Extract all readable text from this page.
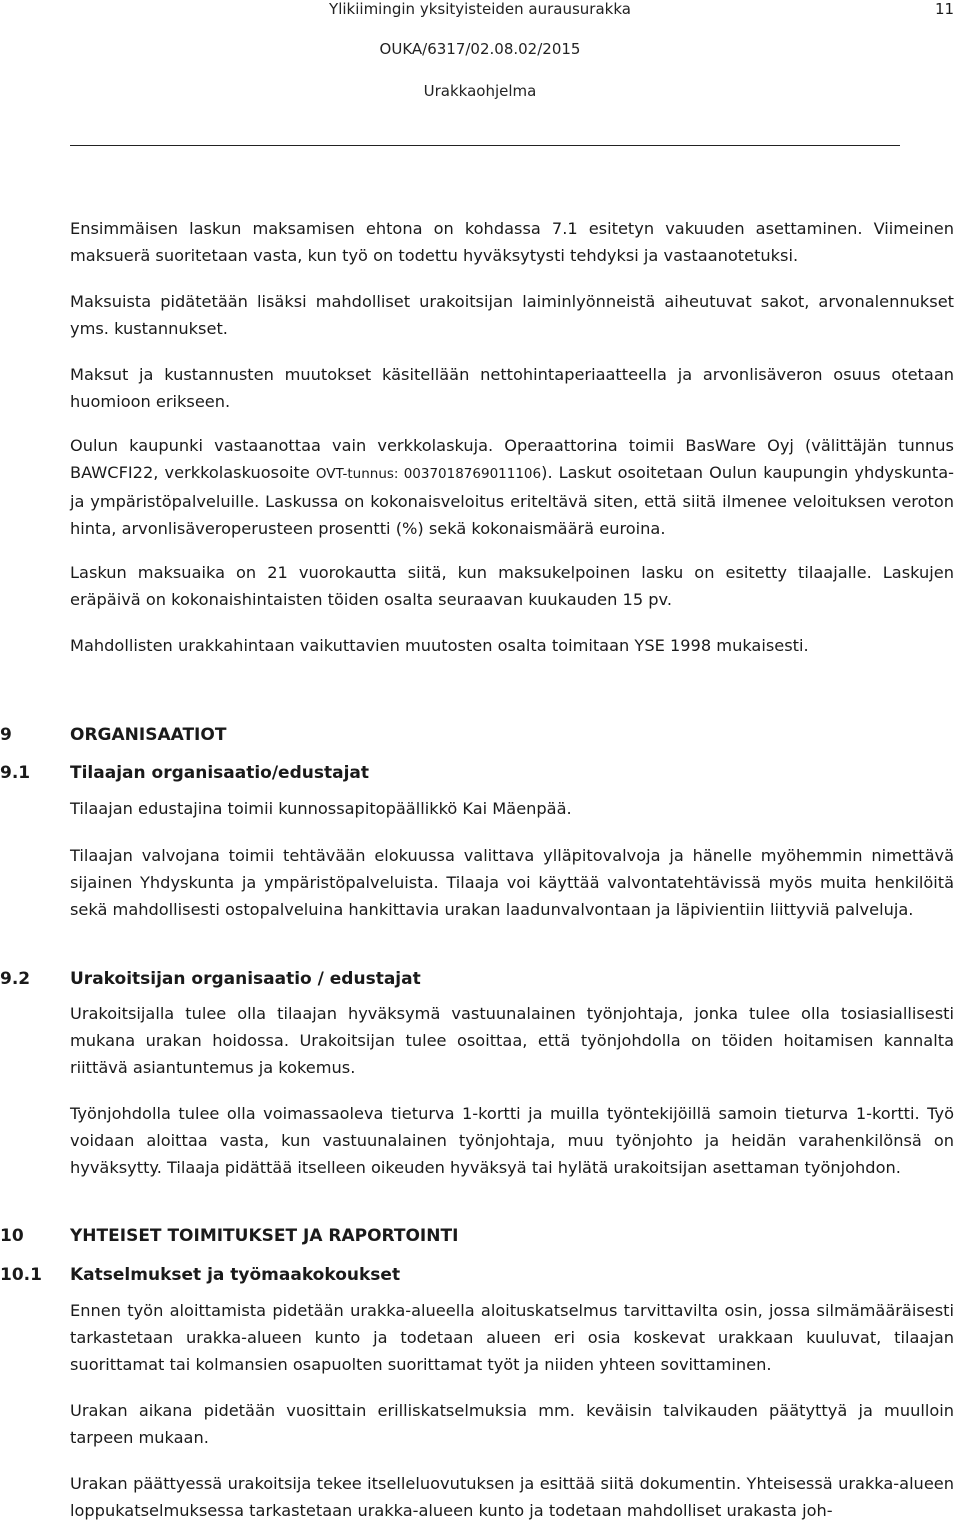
Ylikiimingin yksityisteiden aurausurakka	11
OUKA/6317/02.08.02/2015
Urakkaohjelma

Ensimmäisen laskun maksamisen ehtona on kohdassa 7.1 esitetyn vakuuden asettaminen. Viimeinen maksuerä suoritetaan vasta, kun työ on todettu hyväksytysti tehdyksi ja vastaanotetuksi.

Maksuista pidätetään lisäksi mahdolliset urakoitsijan laiminlyönneistä aiheutuvat sakot, arvonalennukset yms. kustannukset.

Maksut ja kustannusten muutokset käsitellään nettohintaperiaatteella ja arvonlisäveron osuus otetaan huomioon erikseen.

Oulun kaupunki vastaanottaa vain verkkolaskuja. Operaattorina toimii BasWare Oyj (välittäjän tunnus BAWCFI22, verkkolaskuosoite OVT-tunnus: 0037018769011106). Laskut osoitetaan Oulun kaupungin yhdyskunta- ja ympäristöpalveluille. Laskussa on kokonaisveloitus eriteltävä siten, että siitä ilmenee veloituksen veroton hinta, arvonlisäveroperusteen prosentti (%) sekä kokonaismäärä euroina.

Laskun maksuaika on 21 vuorokautta siitä, kun maksukelpoinen lasku on esitetty tilaajalle. Laskujen eräpäivä on kokonaishintaisten töiden osalta seuraavan kuukauden 15 pv.

Mahdollisten urakkahintaan vaikuttavien muutosten osalta toimitaan YSE 1998 mukaisesti.

9	ORGANISAATIOT
9.1 Tilaajan organisaatio/edustajat

Tilaajan edustajina toimii kunnossapitopäällikkö Kai Mäenpää.

Tilaajan valvojana toimii tehtävään elokuussa valittava ylläpitovalvoja ja hänelle myöhemmin nimettävä sijainen Yhdyskunta ja ympäristöpalveluista. Tilaaja voi käyttää valvontatehtävissä myös muita henkilöitä sekä mahdollisesti ostopalveluina hankittavia urakan laadunvalvontaan ja läpivientiin liittyviä palveluja.

9.2 Urakoitsijan organisaatio / edustajat

Urakoitsijalla tulee olla tilaajan hyväksymä vastuunalainen työnjohtaja, jonka tulee olla tosiasiallisesti mukana urakan hoidossa. Urakoitsijan tulee osoittaa, että työnjohdolla on töiden hoitamisen kannalta riittävä asiantuntemus ja kokemus.

Työnjohdolla tulee olla voimassaoleva tieturva 1-kortti ja muilla työntekijöillä samoin tieturva 1-kortti. Työ voidaan aloittaa vasta, kun vastuunalainen työnjohtaja, muu työnjohto ja heidän varahenkilönsä on hyväksytty. Tilaaja pidättää itselleen oikeuden hyväksyä tai hylätä urakoitsijan asettaman työnjohdon.

10	YHTEISET TOIMITUKSET JA RAPORTOINTI
10.1 Katselmukset ja työmaakokoukset

Ennen työn aloittamista pidetään urakka-alueella aloituskatselmus tarvittavilta osin, jossa silmämääräisesti tarkastetaan urakka-alueen kunto ja todetaan alueen eri osia koskevat urakkaan kuuluvat, tilaajan suorittamat tai kolmansien osapuolten suorittamat työt ja niiden yhteen sovittaminen.

Urakan aikana pidetään vuosittain erilliskatselmuksia mm. keväisin talvikauden päätyttyä ja muulloin tarpeen mukaan.

Urakan päättyessä urakoitsija tekee itselleluovutuksen ja esittää siitä dokumentin. Yhteisessä urakka-alueen loppukatselmuksessa tarkastetaan urakka-alueen kunto ja todetaan mahdolliset urakasta joh-
